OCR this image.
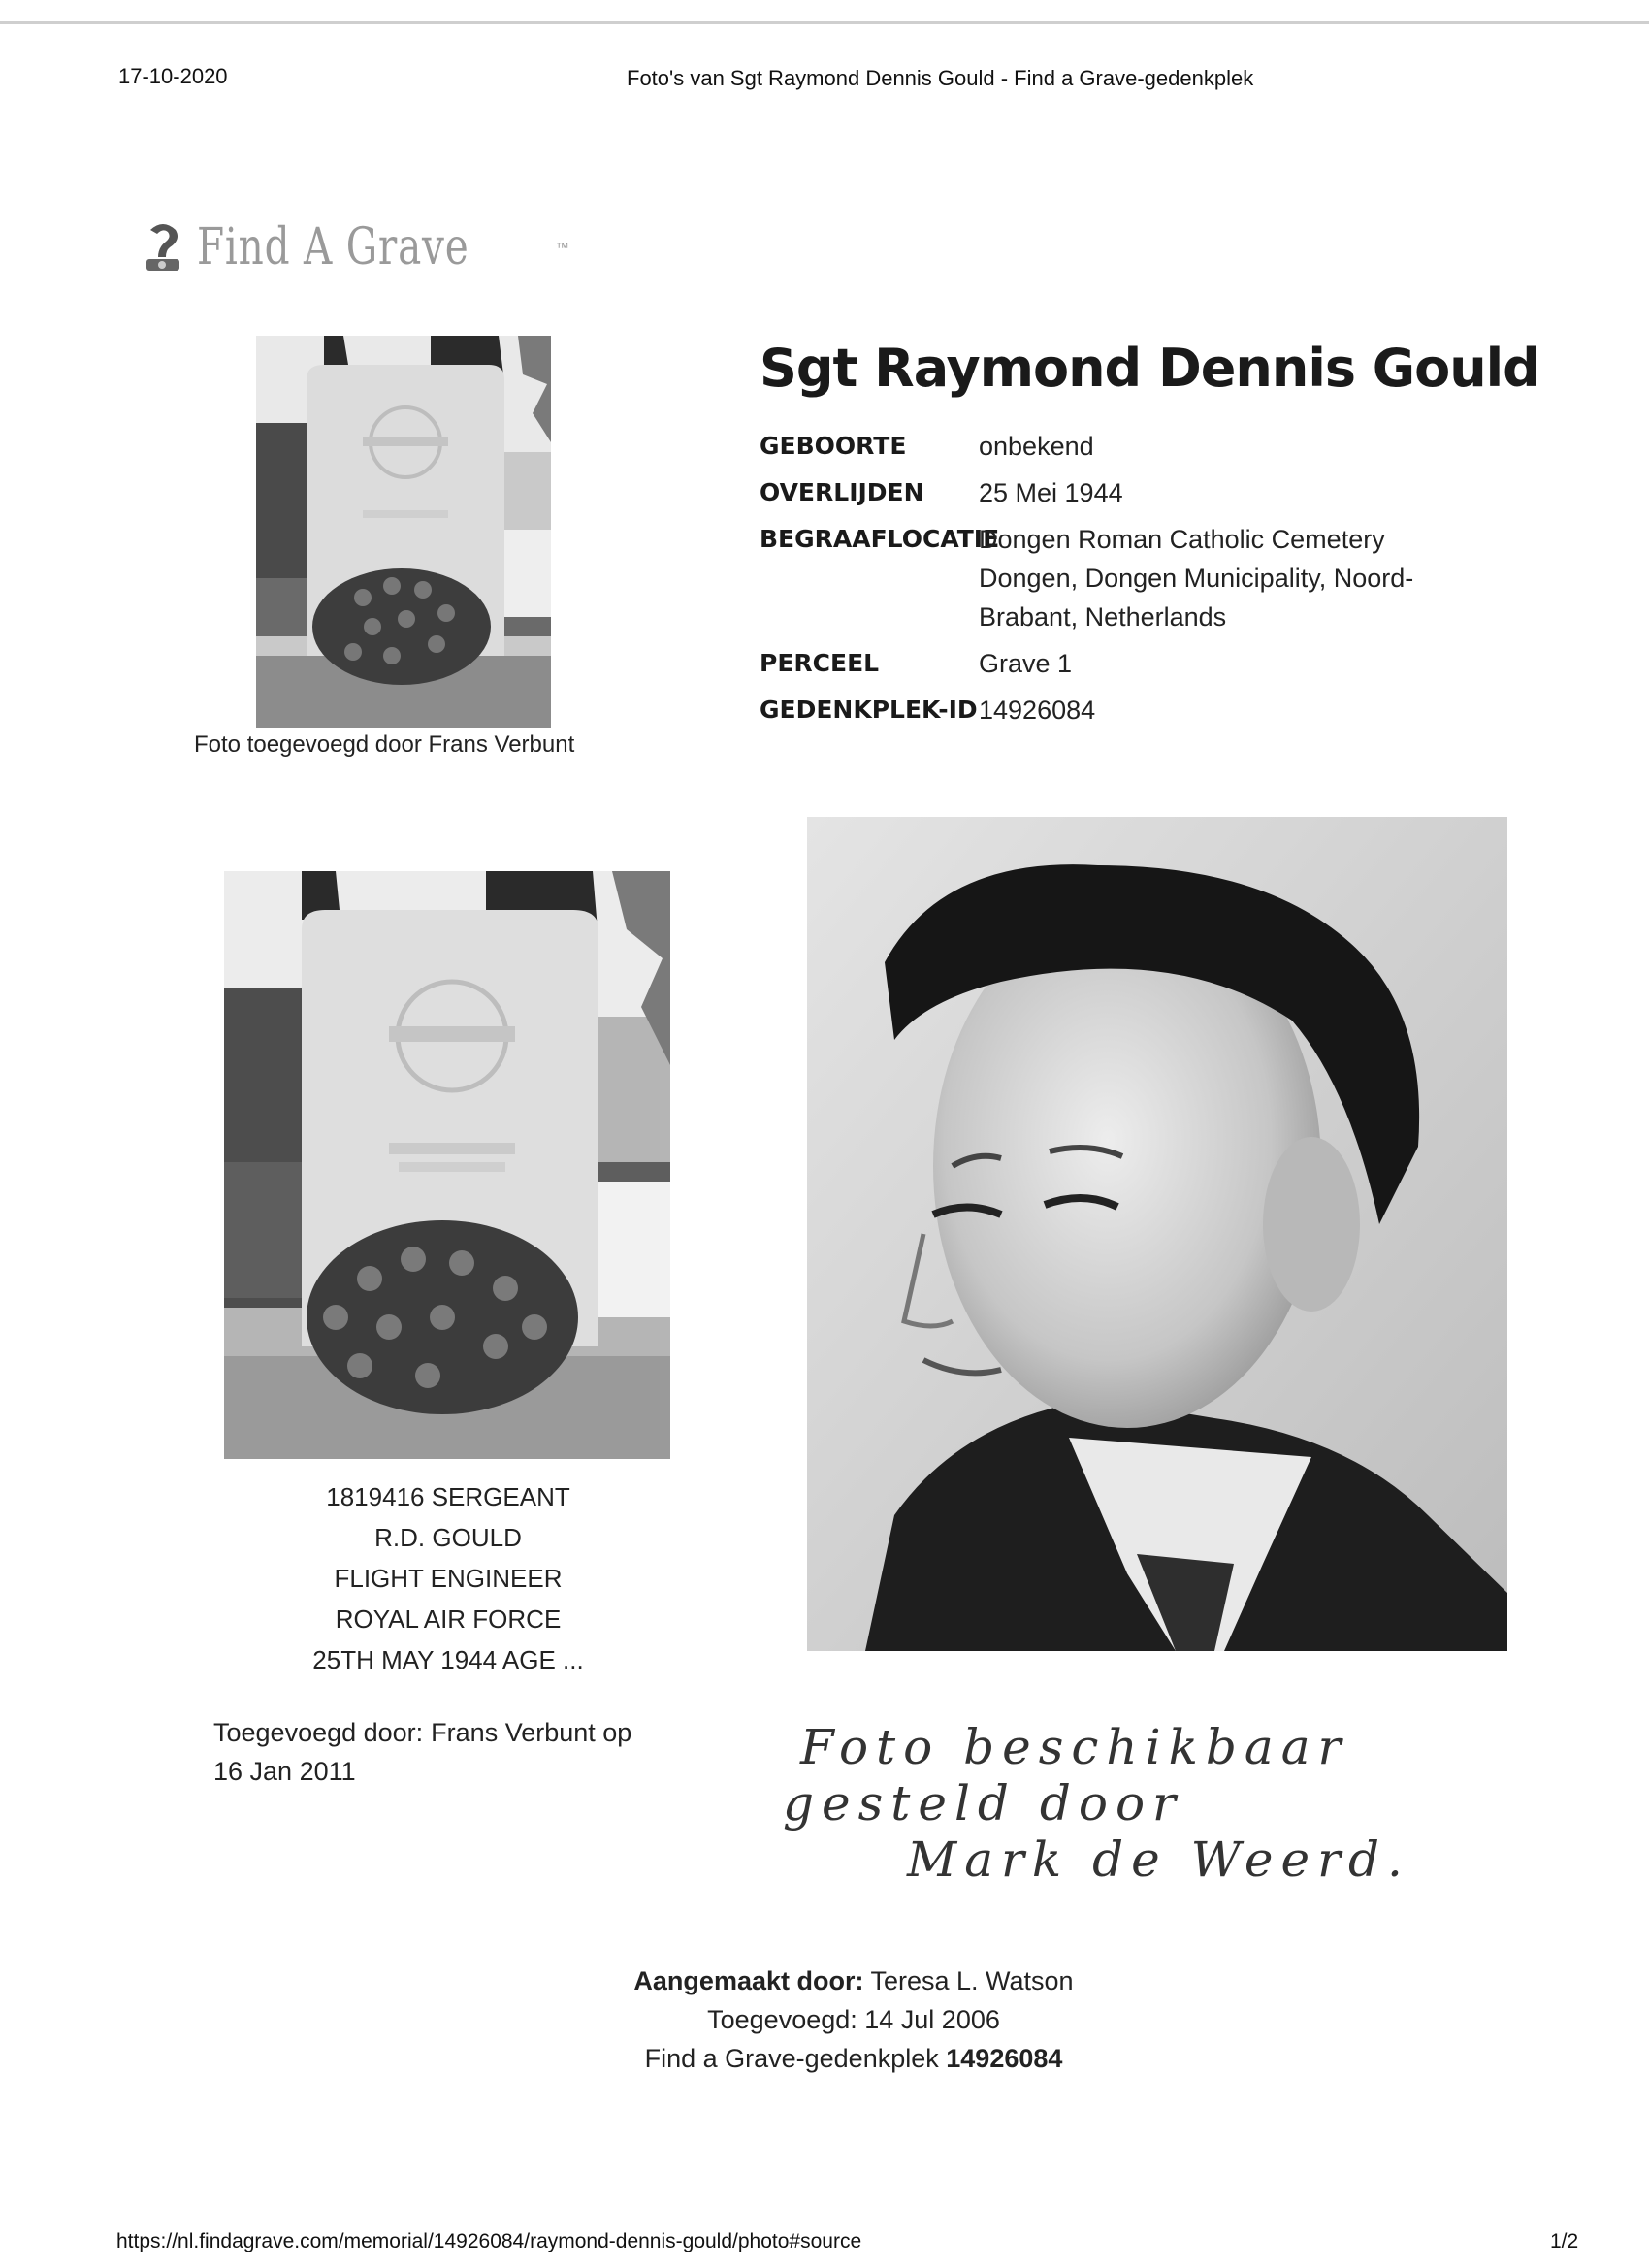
17-10-2020	Foto's van Sgt Raymond Dennis Gould - Find a Grave-gedenkplek
Find A Grave	™
Foto toegevoegd door Frans Verbunt
Sgt Raymond Dennis Gould
GEBOORTE	onbekend
OVERLIJDEN	25 Mei 1944
BEGRAAFLOCATIE
Dongen Roman Catholic Cemetery
Dongen, Dongen Municipality, Noord-
Brabant, Netherlands
PERCEEL	Grave 1
GEDENKPLEK-ID 14926084
1819416 SERGEANT
R.D. GOULD
FLIGHT ENGINEER
ROYAL AIR FORCE
25TH MAY 1944 AGE ...
Toegevoegd door: Frans Verbunt op
16 Jan 2011	Foto beschikbaar
gesteld door
Mark de Weerd.
Aangemaakt door: Teresa L. Watson
Toegevoegd: 14 Jul 2006
Find a Grave-gedenkplek 14926084
https://nl.findagrave.com/memorial/14926084/raymond-dennis-gould/photo#source	1/2
